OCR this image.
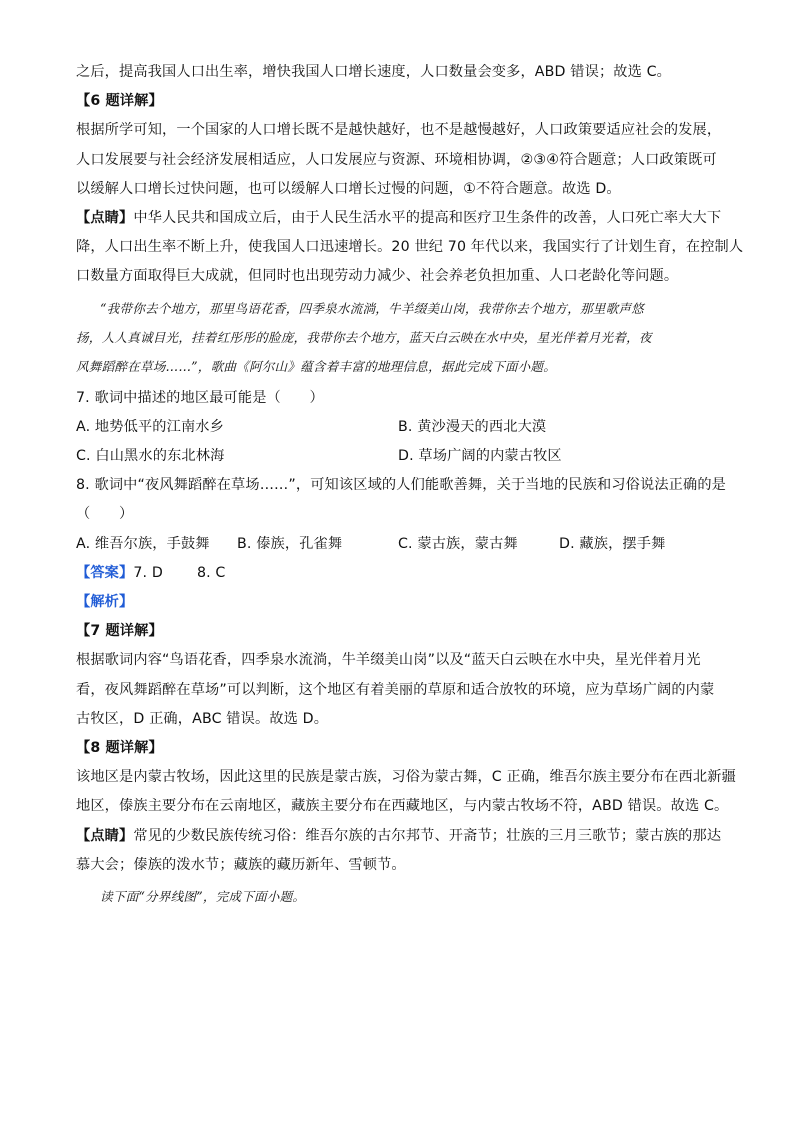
之后，提高我国人口出生率，增快我国人口增长速度，人口数量会变多，ABD 错误；故选 C。
【6 题详解】
根据所学可知，一个国家的人口增长既不是越快越好，也不是越慢越好，人口政策要适应社会的发展，
人口发展要与社会经济发展相适应，人口发展应与资源、环境相协调，②③④符合题意；人口政策既可
以缓解人口增长过快问题，也可以缓解人口增长过慢的问题，①不符合题意。故选 D。
【点睛】中华人民共和国成立后，由于人民生活水平的提高和医疗卫生条件的改善，人口死亡率大大下
降，人口出生率不断上升，使我国人口迅速增长。20 世纪 70 年代以来，我国实行了计划生育，在控制人
口数量方面取得巨大成就，但同时也出现劳动力减少、社会养老负担加重、人口老龄化等问题。
“我带你去个地方，那里鸟语花香，四季泉水流淌，牛羊缀美山岗，我带你去个地方，那里歌声悠
扬，人人真诚目光，挂着红彤彤的脸庞，我带你去个地方，蓝天白云映在水中央，星光伴着月光着，夜
风舞蹈醉在草场……”，歌曲《阿尔山》蕴含着丰富的地理信息，据此完成下面小题。
7. 歌词中描述的地区最可能是（　　）
A. 地势低平的江南水乡	B. 黄沙漫天的西北大漠
C. 白山黑水的东北林海	D. 草场广阔的内蒙古牧区
8. 歌词中“夜风舞蹈醉在草场……”，可知该区域的人们能歌善舞，关于当地的民族和习俗说法正确的是
（　　）
A. 维吾尔族，手鼓舞	B. 傣族，孔雀舞	C. 蒙古族，蒙古舞	D. 藏族，摆手舞
【答案】7. D 8. C
【解析】
【7 题详解】
根据歌词内容“鸟语花香，四季泉水流淌，牛羊缀美山岗”以及“蓝天白云映在水中央，星光伴着月光
看，夜风舞蹈醉在草场”可以判断，这个地区有着美丽的草原和适合放牧的环境，应为草场广阔的内蒙
古牧区，D 正确，ABC 错误。故选 D。
【8 题详解】
该地区是内蒙古牧场，因此这里的民族是蒙古族，习俗为蒙古舞，C 正确，维吾尔族主要分布在西北新疆
地区，傣族主要分布在云南地区，藏族主要分布在西藏地区，与内蒙古牧场不符，ABD 错误。故选 C。
【点睛】常见的少数民族传统习俗：维吾尔族的古尔邦节、开斋节；壮族的三月三歌节；蒙古族的那达
慕大会；傣族的泼水节；藏族的藏历新年、雪顿节。
读下面“分界线图”，完成下面小题。
